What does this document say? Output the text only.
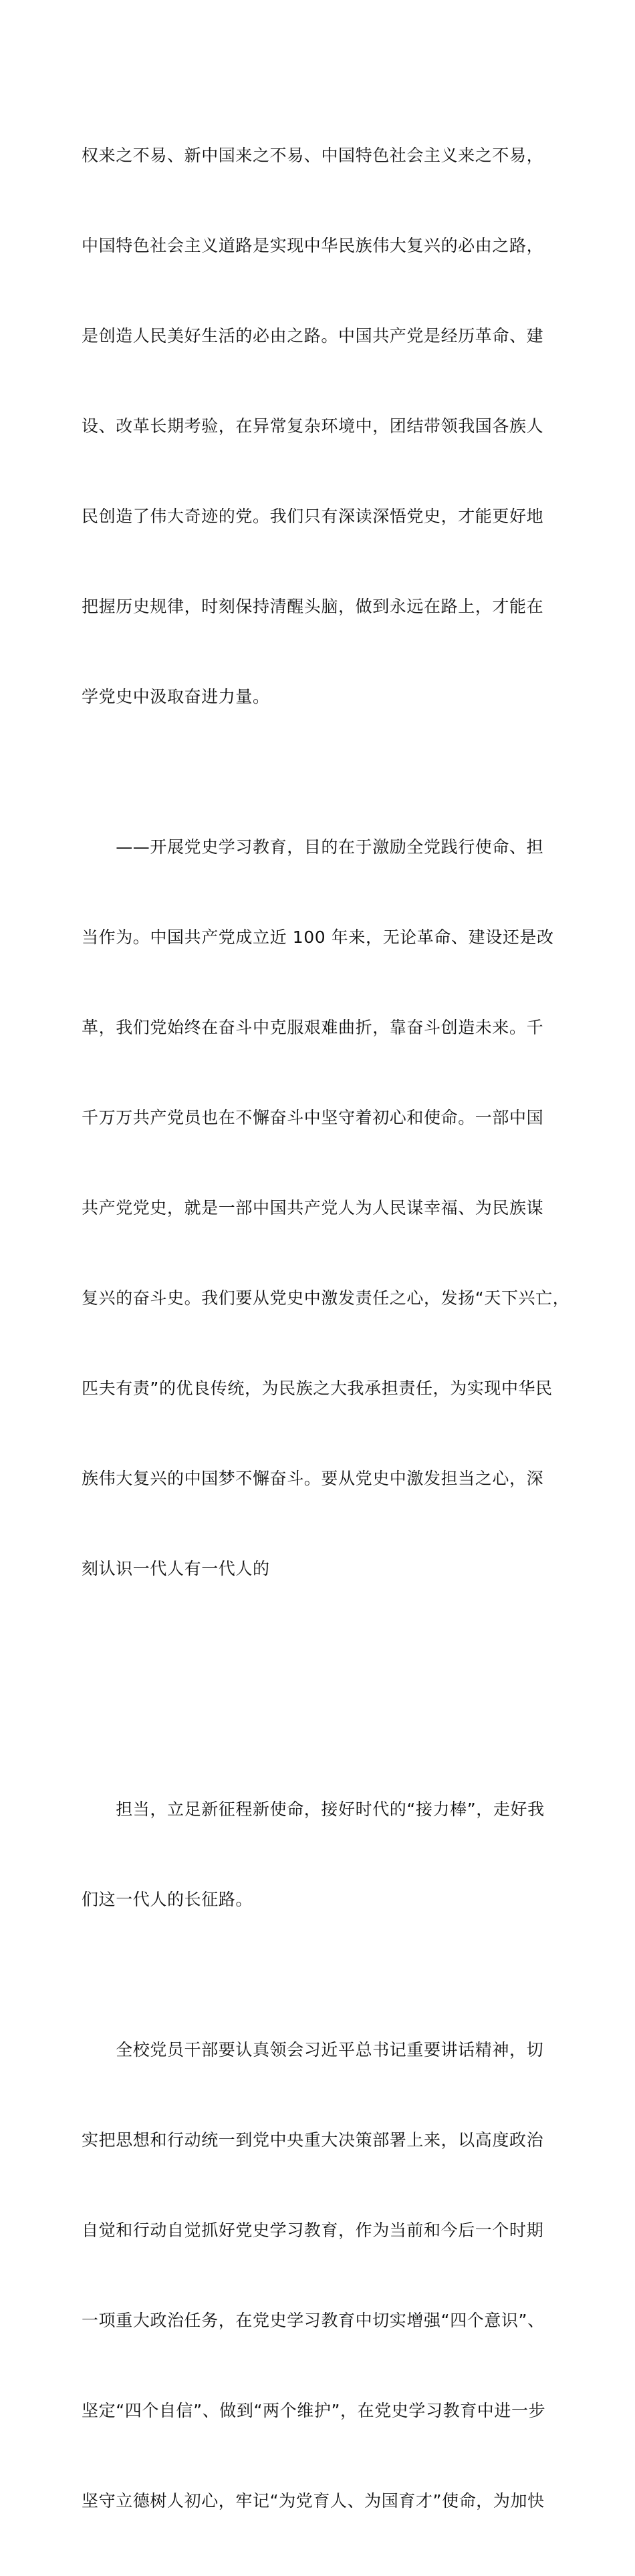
权来之不易、新中国来之不易、中国特色社会主义来之不易，

中国特色社会主义道路是实现中华民族伟大复兴的必由之路，

是创造人民美好生活的必由之路。中国共产党是经历革命、建

设、改革长期考验，在异常复杂环境中，团结带领我国各族人

民创造了伟大奇迹的党。我们只有深读深悟党史，才能更好地

把握历史规律，时刻保持清醒头脑，做到永远在路上，才能在

学党史中汲取奋进力量。

　　——开展党史学习教育，目的在于激励全党践行使命、担

当作为。中国共产党成立近 100 年来，无论革命、建设还是改

革，我们党始终在奋斗中克服艰难曲折，靠奋斗创造未来。千

千万万共产党员也在不懈奋斗中坚守着初心和使命。一部中国

共产党党史，就是一部中国共产党人为人民谋幸福、为民族谋

复兴的奋斗史。我们要从党史中激发责任之心，发扬“天下兴亡，

匹夫有责”的优良传统，为民族之大我承担责任，为实现中华民

族伟大复兴的中国梦不懈奋斗。要从党史中激发担当之心，深

刻认识一代人有一代人的

　　担当，立足新征程新使命，接好时代的“接力棒”，走好我

们这一代人的长征路。

　　全校党员干部要认真领会习近平总书记重要讲话精神，切

实把思想和行动统一到党中央重大决策部署上来，以高度政治

自觉和行动自觉抓好党史学习教育，作为当前和今后一个时期

一项重大政治任务，在党史学习教育中切实增强“四个意识”、

坚定“四个自信”、做到“两个维护”，在党史学习教育中进一步

坚守立德树人初心，牢记“为党育人、为国育才”使命，为加快
